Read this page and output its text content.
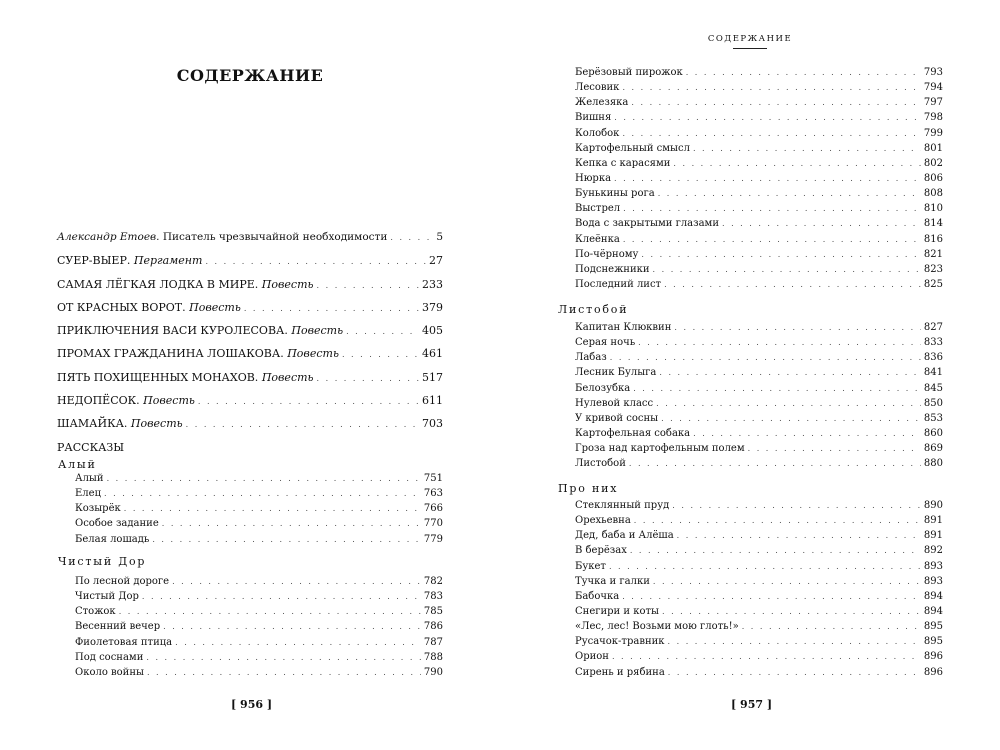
СОДЕРЖАНИЕ
Александр Етоев. Писатель чрезвычайной необходимости . . .	5
СУЕР-ВЫЕР. Пергамент . . .	27
САМАЯ ЛЁГКАЯ ЛОДКА В МИРЕ. Повесть . . .	233
ОТ КРАСНЫХ ВОРОТ. Повесть . . .	379
ПРИКЛЮЧЕНИЯ ВАСИ КУРОЛЕСОВА. Повесть . . .	405
ПРОМАХ ГРАЖДАНИНА ЛОШАКОВА. Повесть . . .	461
ПЯТЬ ПОХИЩЕННЫХ МОНАХОВ. Повесть . . .	517
НЕДОПЁСОК. Повесть . . .	611
ШАМАЙКА. Повесть . . .	703
РАССКАЗЫ
Алый
Алый . . .	751
Елец . . .	763
Козырёк . . .	766
Особое задание . . .	770
Белая лошадь . . .	779
Чистый Дор
По лесной дороге . . .	782
Чистый Дор . . .	783
Стожок . . .	785
Весенний вечер . . .	786
Фиолетовая птица . . .	787
Под соснами . . .	788
Около войны . . .	790
[ 956 ]
СОДЕРЖАНИЕ
Берёзовый пирожок . . .	793
Лесовик . . .	794
Железяка . . .	797
Вишня . . .	798
Колобок . . .	799
Картофельный смысл . . .	801
Кепка с карасями . . .	802
Нюрка . . .	806
Бунькины рога . . .	808
Выстрел . . .	810
Вода с закрытыми глазами . . .	814
Клеёнка . . .	816
По-чёрному . . .	821
Подснежники . . .	823
Последний лист . . .	825
Листобой
Капитан Клюквин . . .	827
Серая ночь . . .	833
Лабаз . . .	836
Лесник Булыга . . .	841
Белозубка . . .	845
Нулевой класс . . .	850
У кривой сосны . . .	853
Картофельная собака . . .	860
Гроза над картофельным полем . . .	869
Листобой . . .	880
Про них
Стеклянный пруд . . .	890
Орехьевна . . .	891
Дед, баба и Алёша . . .	891
В берёзах . . .	892
Букет . . .	893
Тучка и галки . . .	893
Бабочка . . .	894
Снегири и коты . . .	894
«Лес, лес! Возьми мою глоть!» . . .	895
Русачок-травник . . .	895
Орион . . .	896
Сирень и рябина . . .	896
[ 957 ]
